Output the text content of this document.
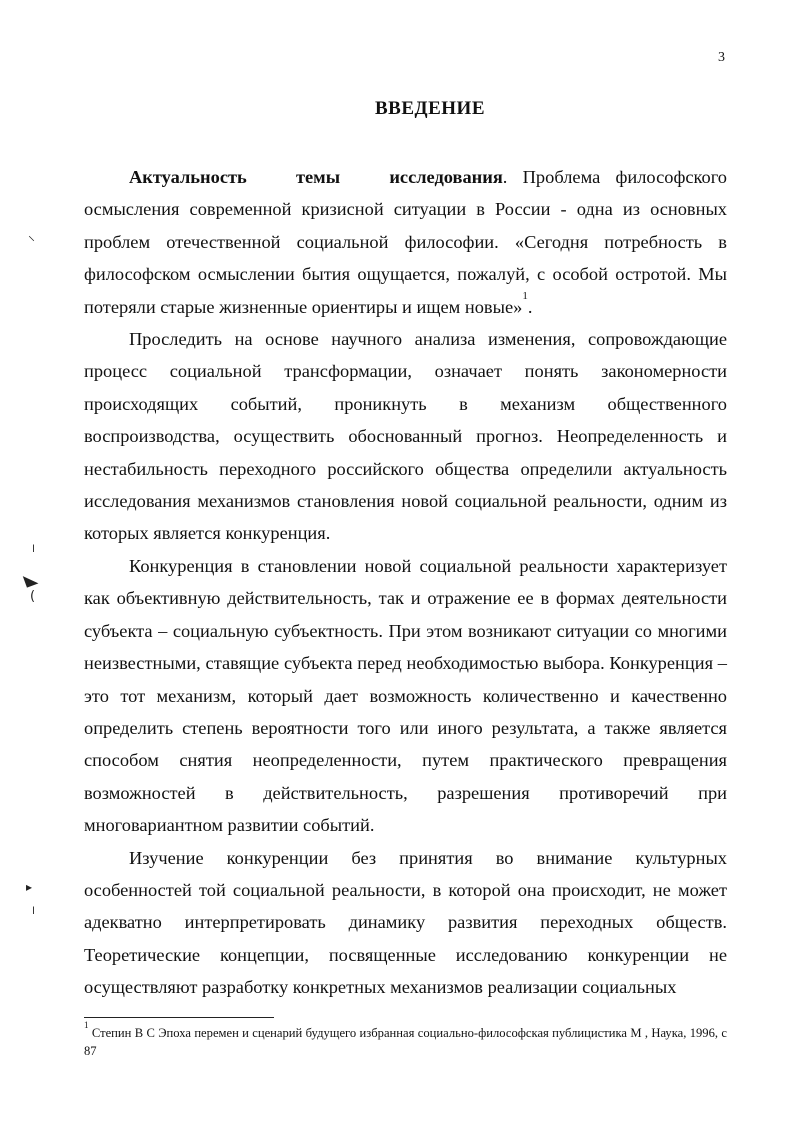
3
ВВЕДЕНИЕ

Актуальность темы исследования. Проблема философского осмысления современной кризисной ситуации в России - одна из основных проблем отечественной социальной философии. «Сегодня потребность в философском осмыслении бытия ощущается, пожалуй, с особой остротой. Мы потеряли старые жизненные ориентиры и ищем новые»$^1$.

Проследить на основе научного анализа изменения, сопровождающие процесс социальной трансформации, означает понять закономерности происходящих событий, проникнуть в механизм общественного воспроизводства, осуществить обоснованный прогноз. Неопределенность и нестабильность переходного российского общества определили актуальность исследования механизмов становления новой социальной реальности, одним из которых является конкуренция.

Конкуренция в становлении новой социальной реальности характеризует как объективную действительность, так и отражение ее в формах деятельности субъекта – социальную субъектность. При этом возникают ситуации со многими неизвестными, ставящие субъекта перед необходимостью выбора. Конкуренция – это тот механизм, который дает возможность количественно и качественно определить степень вероятности того или иного результата, а также является способом снятия неопределенности, путем практического превращения возможностей в действительность, разрешения противоречий при многовариантном развитии событий.

Изучение конкуренции без принятия во внимание культурных особенностей той социальной реальности, в которой она происходит, не может адекватно интерпретировать динамику развития переходных обществ. Теоретические концепции, посвященные исследованию конкуренции не осуществляют разработку конкретных механизмов реализации социальных

$^1$ Степин В С Эпоха перемен и сценарий будущего избранная социально-философская публицистика М , Наука, 1996, с 87
⸜
׀
◣
(
▸
׀
